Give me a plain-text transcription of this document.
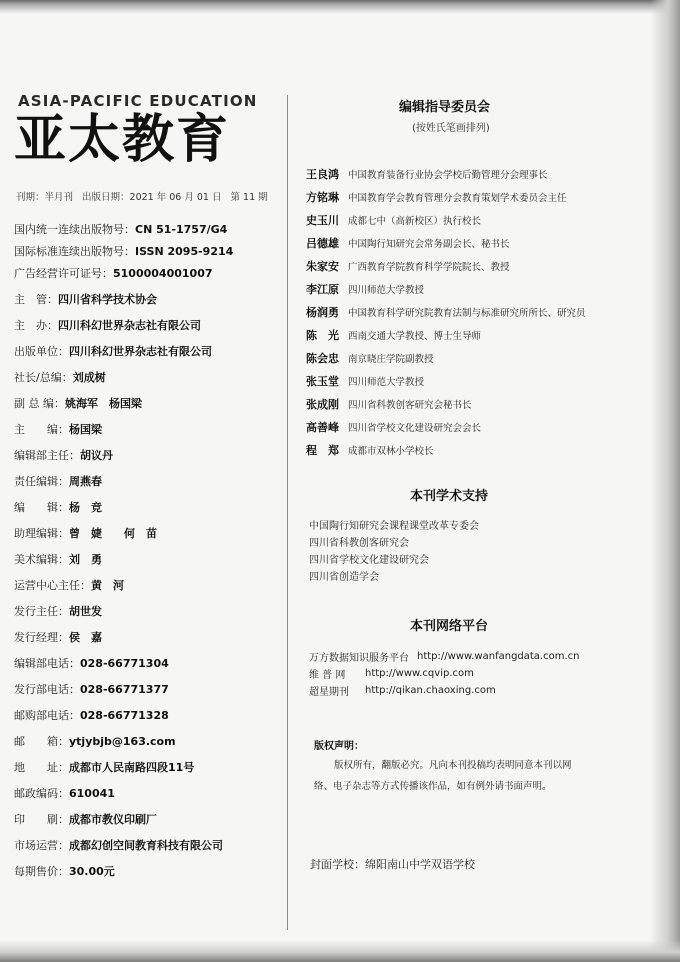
ASIA-PACIFIC EDUCATION
亚太教育
刊期：半月刊 出版日期：2021 年 06 月 01 日 第 11 期
国内统一连续出版物号： CN 51-1757/G4
国际标准连续出版物号： ISSN 2095-9214
广告经营许可证号： 5100004001007
主　管： 四川省科学技术协会
主　办： 四川科幻世界杂志社有限公司
出版单位： 四川科幻世界杂志社有限公司
社长/总编： 刘成树
副 总 编： 姚海军　杨国梁
主　　编： 杨国梁
编辑部主任： 胡议丹
责任编辑： 周燕春
编　　辑： 杨　竞
助理编辑： 曾　婕　　何　苗
美术编辑： 刘　勇
运营中心主任： 黄　河
发行主任： 胡世发
发行经理： 侯　嘉
编辑部电话： 028-66771304
发行部电话： 028-66771377
邮购部电话： 028-66771328
邮　　箱： ytjybjb@163.com
地　　址： 成都市人民南路四段11号
邮政编码： 610041
印　　刷： 成都市教仪印刷厂
市场运营： 成都幻创空间教育科技有限公司
每期售价： 30.00元
编辑指导委员会
(按姓氏笔画排列)
王良鸿 中国教育装备行业协会学校后勤管理分会理事长
方铭琳 中国教育学会教育管理分会教育策划学术委员会主任
史玉川 成都七中（高新校区）执行校长
吕德雄 中国陶行知研究会常务副会长、秘书长
朱家安 广西教育学院教育科学学院院长、教授
李江原 四川师范大学教授
杨润勇 中国教育科学研究院教育法制与标准研究所所长、研究员
陈　光 西南交通大学教授、博士生导师
陈会忠 南京晓庄学院副教授
张玉堂 四川师范大学教授
张成刚 四川省科教创客研究会秘书长
高善峰 四川省学校文化建设研究会会长
程　郑 成都市双林小学校长
本刊学术支持
中国陶行知研究会课程课堂改革专委会
四川省科教创客研究会
四川省学校文化建设研究会
四川省创造学会
本刊网络平台
万方数据知识服务平台 http://www.wanfangdata.com.cn
维 普 网	http://www.cqvip.com
超星期刊	http://qikan.chaoxing.com
版权声明：
版权所有，翻版必究。凡向本刊投稿均表明同意本刊以网络、电子杂志等方式传播该作品，如有例外请书面声明。
封面学校：绵阳南山中学双语学校
